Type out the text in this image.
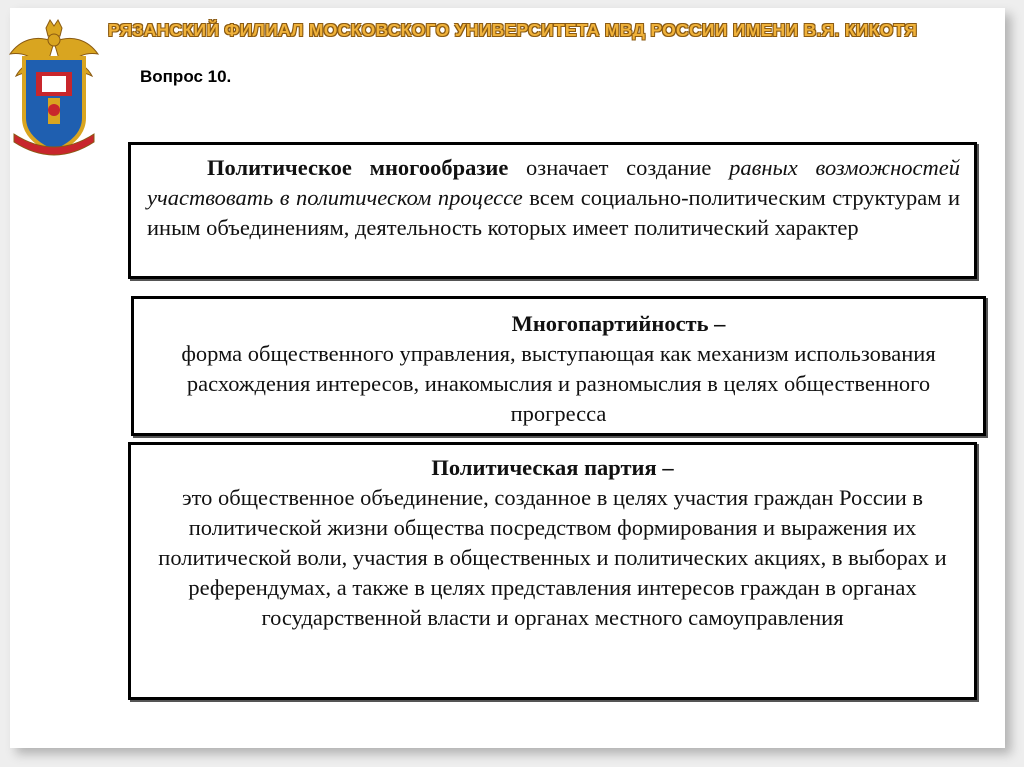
РЯЗАНСКИЙ ФИЛИАЛ МОСКОВСКОГО УНИВЕРСИТЕТА МВД РОССИИ ИМЕНИ В.Я. КИКОТЯ
Вопрос 10.
Политическое многообразие означает создание равных возможностей участвовать в политическом процессе всем социально-политическим структурам и иным объединениям, деятельность которых имеет политический характер
Многопартийность –
форма общественного управления, выступающая как механизм использования расхождения интересов, инакомыслия и разномыслия в целях общественного прогресса
Политическая партия –
это общественное объединение, созданное в целях участия граждан России в политической жизни общества посредством формирования и выражения их политической воли, участия в общественных и политических акциях, в выборах и референдумах, а также в целях представления интересов граждан в органах государственной власти и органах местного самоуправления
